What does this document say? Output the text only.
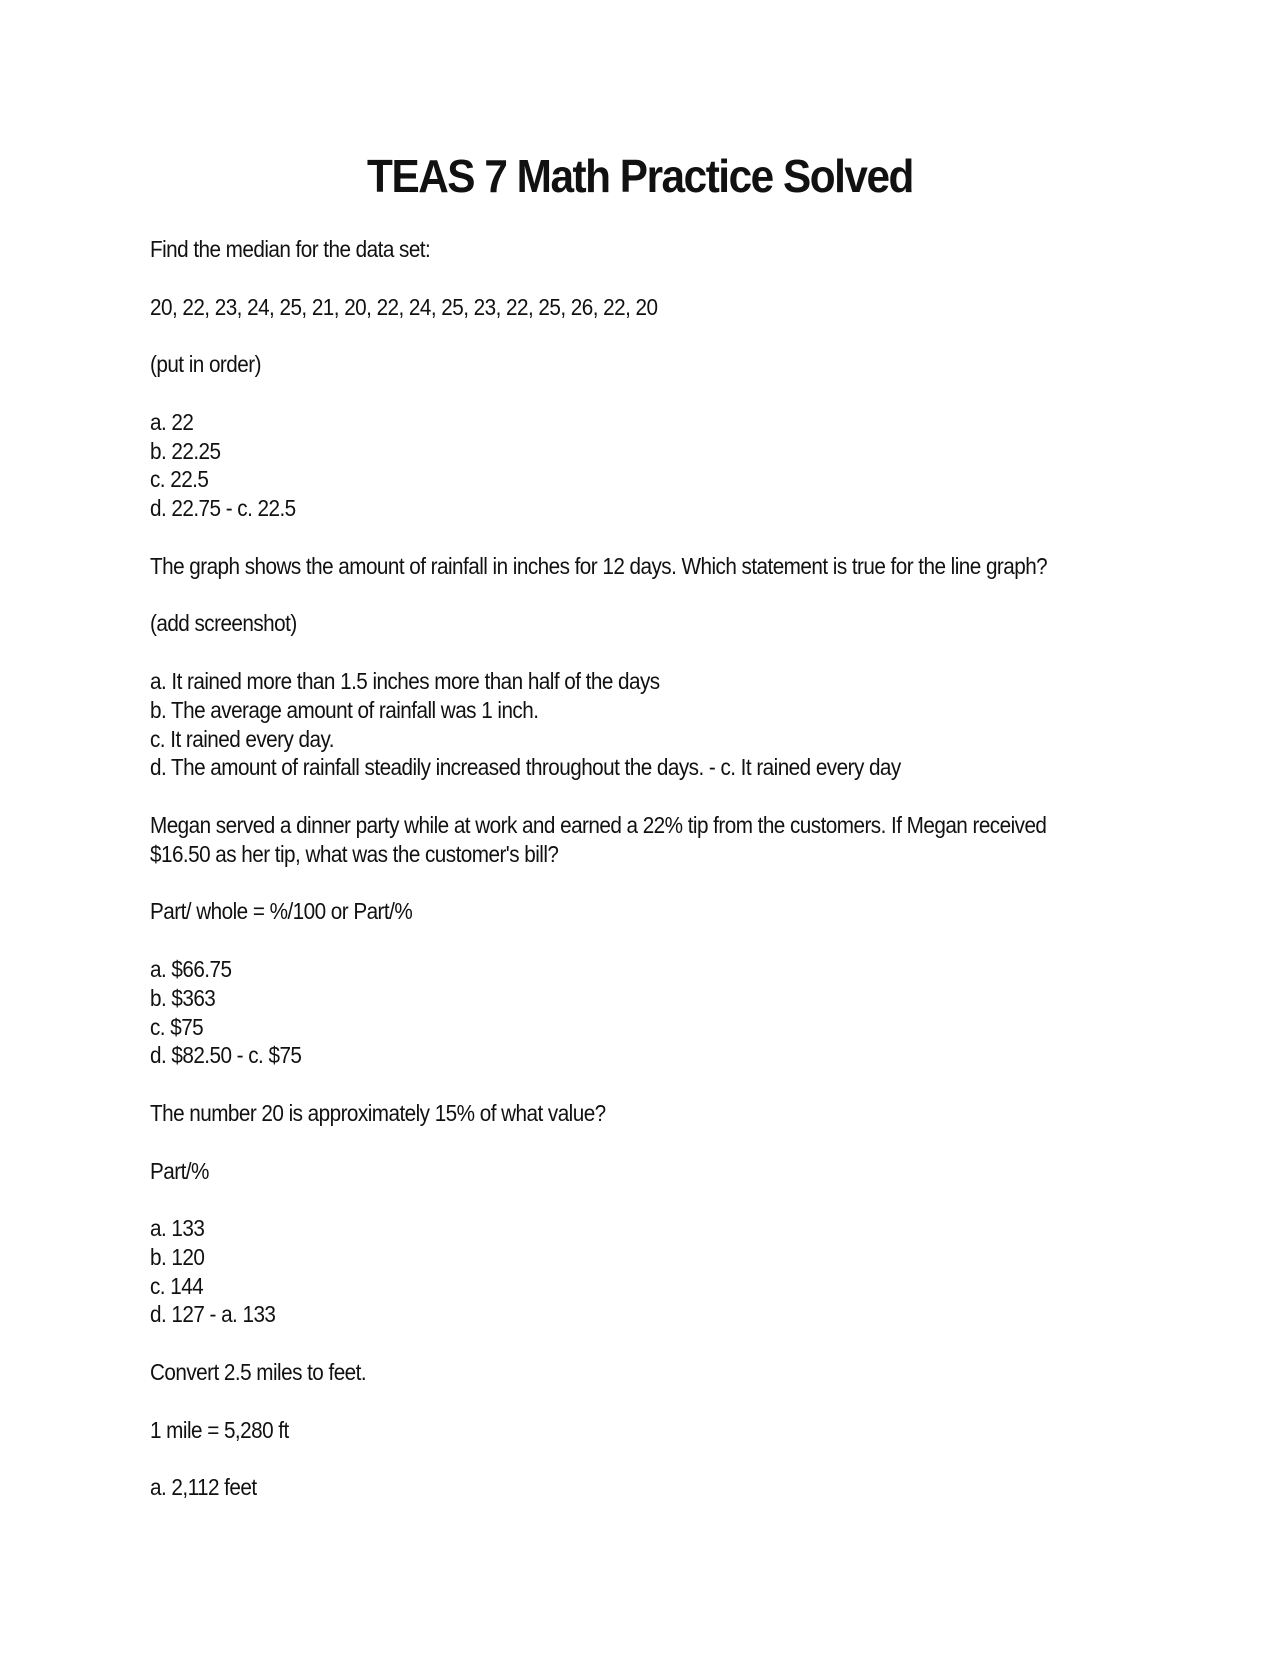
TEAS 7 Math Practice Solved
Find the median for the data set:
20, 22, 23, 24, 25, 21, 20, 22, 24, 25, 23, 22, 25, 26, 22, 20
(put in order)
a. 22
b. 22.25
c. 22.5
d. 22.75 - c. 22.5
The graph shows the amount of rainfall in inches for 12 days. Which statement is true for the line graph?
(add screenshot)
a. It rained more than 1.5 inches more than half of the days
b. The average amount of rainfall was 1 inch.
c. It rained every day.
d. The amount of rainfall steadily increased throughout the days. - c. It rained every day
Megan served a dinner party while at work and earned a 22% tip from the customers. If Megan received
$16.50 as her tip, what was the customer's bill?
Part/ whole = %/100 or Part/%
a. $66.75
b. $363
c. $75
d. $82.50 - c. $75
The number 20 is approximately 15% of what value?
Part/%
a. 133
b. 120
c. 144
d. 127 - a. 133
Convert 2.5 miles to feet.
1 mile = 5,280 ft
a. 2,112 feet
